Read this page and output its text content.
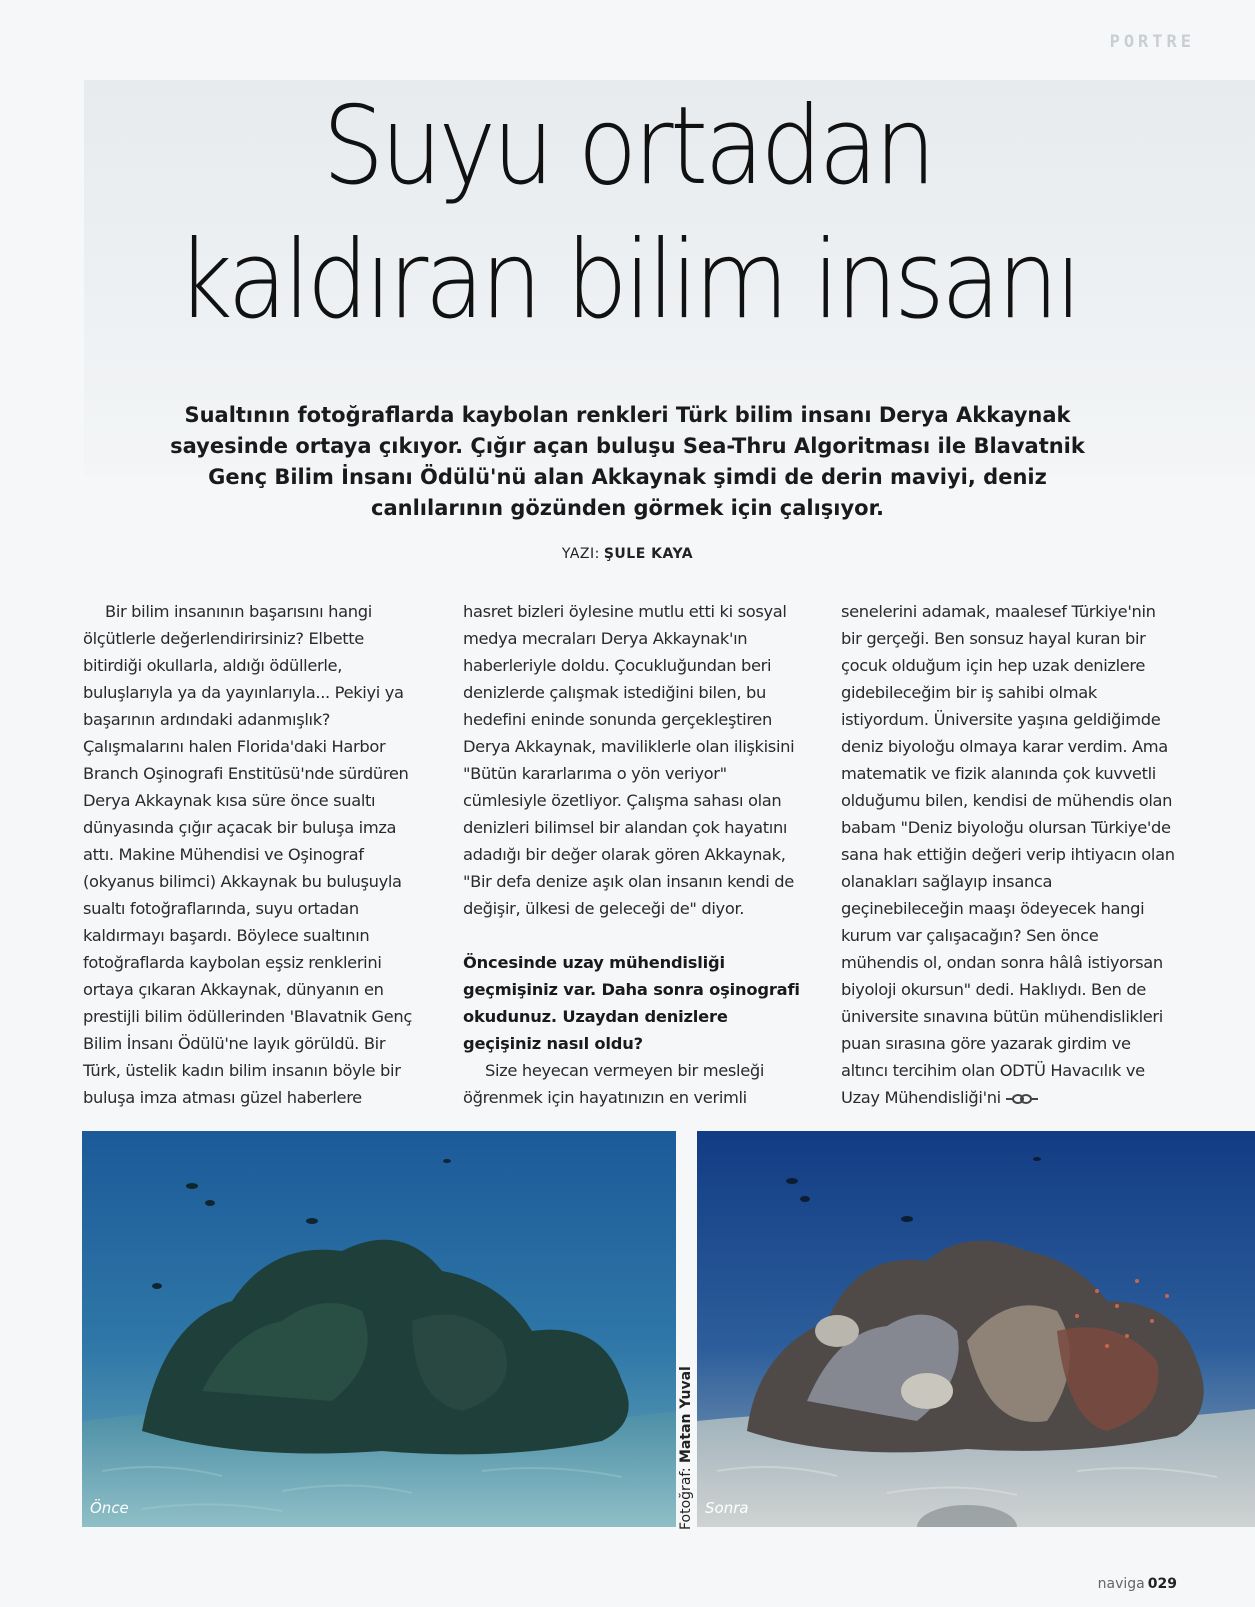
PORTRE
Suyu ortadan
kaldıran bilim insanı

Sualtının fotoğraflarda kaybolan renkleri Türk bilim insanı Derya Akkaynak sayesinde ortaya çıkıyor. Çığır açan buluşu Sea-Thru Algoritması ile Blavatnik Genç Bilim İnsanı Ödülü'nü alan Akkaynak şimdi de derin maviyi, deniz canlılarının gözünden görmek için çalışıyor.

YAZI: ŞULE KAYA

Bir bilim insanının başarısını hangi ölçütlerle değerlendirirsiniz? Elbette bitirdiği okullarla, aldığı ödüllerle, buluşlarıyla ya da yayınlarıyla... Pekiyi ya başarının ardındaki adanmışlık? Çalışmalarını halen Florida'daki Harbor Branch Oşinografi Enstitüsü'nde sürdüren Derya Akkaynak kısa süre önce sualtı dünyasında çığır açacak bir buluşa imza attı. Makine Mühendisi ve Oşinograf (okyanus bilimci) Akkaynak bu buluşuyla sualtı fotoğraflarında, suyu ortadan kaldırmayı başardı. Böylece sualtının fotoğraflarda kaybolan eşsiz renklerini ortaya çıkaran Akkaynak, dünyanın en prestijli bilim ödüllerinden 'Blavatnik Genç Bilim İnsanı Ödülü'ne layık görüldü. Bir Türk, üstelik kadın bilim insanın böyle bir buluşa imza atması güzel haberlere

hasret bizleri öylesine mutlu etti ki sosyal medya mecraları Derya Akkaynak'ın haberleriyle doldu. Çocukluğundan beri denizlerde çalışmak istediğini bilen, bu hedefini eninde sonunda gerçekleştiren Derya Akkaynak, maviliklerle olan ilişkisini "Bütün kararlarıma o yön veriyor" cümlesiyle özetliyor. Çalışma sahası olan denizleri bilimsel bir alandan çok hayatını adadığı bir değer olarak gören Akkaynak, "Bir defa denize aşık olan insanın kendi de değişir, ülkesi de geleceği de" diyor.

Öncesinde uzay mühendisliği geçmişiniz var. Daha sonra oşinografi okudunuz. Uzaydan denizlere geçişiniz nasıl oldu?

Size heyecan vermeyen bir mesleği öğrenmek için hayatınızın en verimli

senelerini adamak, maalesef Türkiye'nin bir gerçeği. Ben sonsuz hayal kuran bir çocuk olduğum için hep uzak denizlere gidebileceğim bir iş sahibi olmak istiyordum. Üniversite yaşına geldiğimde deniz biyoloğu olmaya karar verdim. Ama matematik ve fizik alanında çok kuvvetli olduğumu bilen, kendisi de mühendis olan babam "Deniz biyoloğu olursan Türkiye'de sana hak ettiğin değeri verip ihtiyacın olan olanakları sağlayıp insanca geçinebileceğin maaşı ödeyecek hangi kurum var çalışacağın? Sen önce mühendis ol, ondan sonra hâlâ istiyorsan biyoloji okursun" dedi. Haklıydı. Ben de üniversite sınavına bütün mühendislikleri puan sırasına göre yazarak girdim ve altıncı tercihim olan ODTÜ Havacılık ve Uzay Mühendisliği'ni

Önce	Fotoğraf: Matan Yuval
Sonra
naviga 029
